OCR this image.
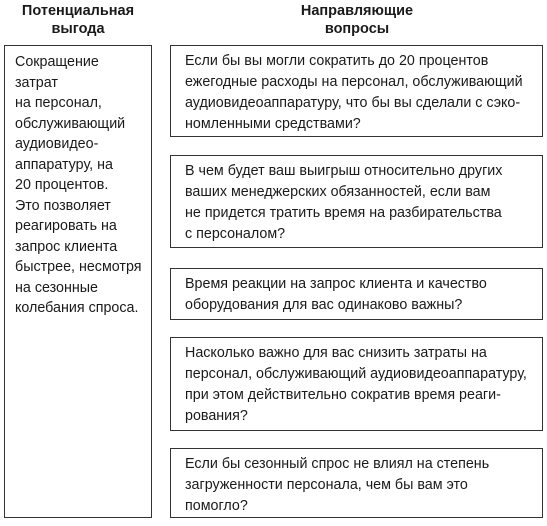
Потенциальная
выгода
Направляющие
вопросы
Сокращение затрат
на персонал,
обслуживающий
аудиовидео-
аппаратуру, на
20 процентов.
Это позволяет
реагировать на
запрос клиента
быстрее, несмотря
на сезонные
колебания спроса.
Если бы вы могли сократить до 20 процентов
ежегодные расходы на персонал, обслуживающий
аудиовидеоаппаратуру, что бы вы сделали с сэко-
номленными средствами?
В чем будет ваш выигрыш относительно других
ваших менеджерских обязанностей, если вам
не придется тратить время на разбирательства
с персоналом?
Время реакции на запрос клиента и качество
оборудования для вас одинаково важны?
Насколько важно для вас снизить затраты на
персонал, обслуживающий аудиовидеоаппаратуру,
при этом действительно сократив время реаги-
рования?
Если бы сезонный спрос не влиял на степень
загруженности персонала, чем бы вам это
помогло?
